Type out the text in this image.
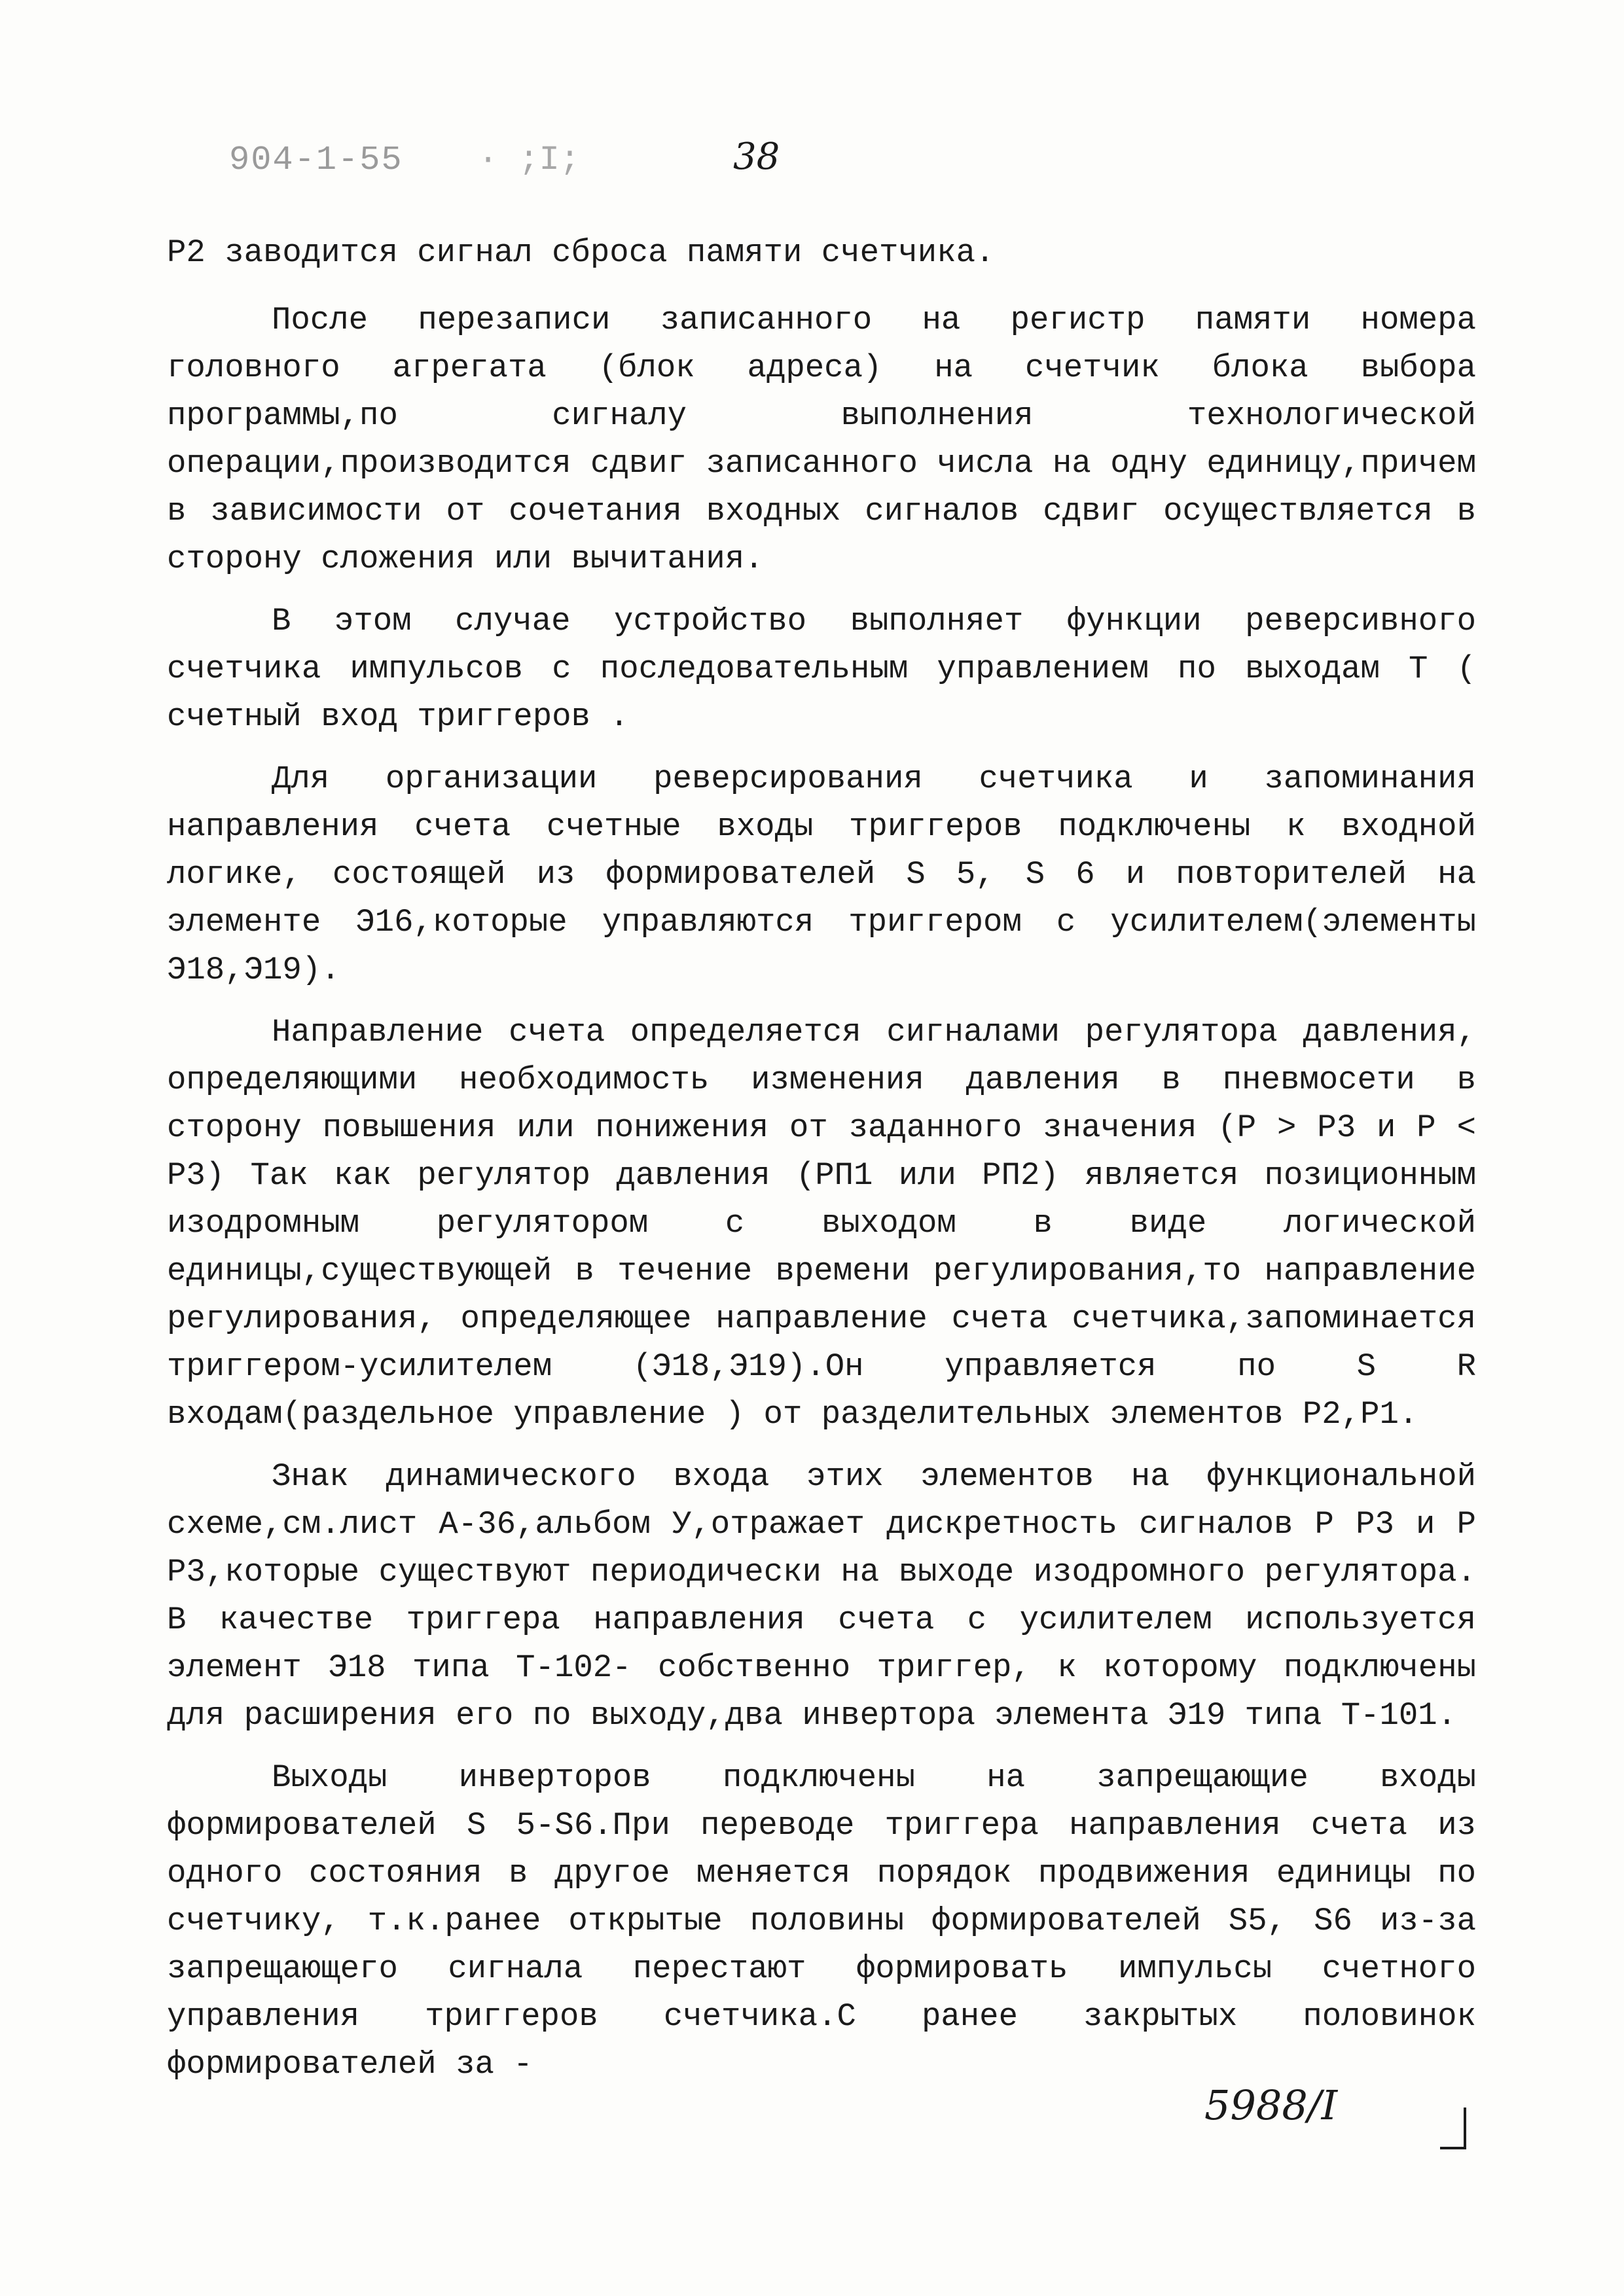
904-1-55 · ;I;	38

Р2 заводится сигнал сброса памяти счетчика.

После перезаписи записанного на регистр памяти номера головного агрегата (блок адреса) на счетчик блока выбора программы,по сигналу выполнения технологической операции,производится сдвиг записанного числа на одну единицу,причем в зависимости от сочетания входных сигналов сдвиг осуществляется в сторону сложения или вычитания.

В этом случае устройство выполняет функции реверсивного счетчика импульсов с последовательным управлением по выходам Т ( счетный вход триггеров .

Для организации реверсирования счетчика и запоминания направления счета счетные входы триггеров подключены к входной логике, состоящей из формирователей S 5, S 6 и повторителей на элементе Э16,которые управляются триггером с усилителем(элементы Э18,Э19).

Направление счета определяется сигналами регулятора давления, определяющими необходимость изменения давления в пневмосети в сторону повышения или понижения от заданного значения (Р > Р3 и Р < Р3) Так как регулятор давления (РП1 или РП2) является позиционным изодромным регулятором с выходом в виде логической единицы,существующей в течение времени регулирования,то направление регулирования, определяющее направление счета счетчика,запоминается триггером-усилителем (Э18,Э19).Он управляется по S R входам(раздельное управление ) от разделительных элементов Р2,Р1.

Знак динамического входа этих элементов на функциональной схеме,см.лист А-36,альбом У,отражает дискретность сигналов Р Р3 и Р Р3,которые существуют периодически на выходе изодромного регулятора. В качестве триггера направления счета с усилителем используется элемент Э18 типа Т-102- собственно триггер, к которому подключены для расширения его по выходу,два инвертора элемента Э19 типа Т-101.

Выходы инверторов подключены на запрещающие входы формирователей S 5-S6.При переводе триггера направления счета из одного состояния в другое меняется порядок продвижения единицы по счетчику, т.к.ранее открытые половины формирователей S5, S6 из-за запрещающего сигнала перестают формировать импульсы счетного управления триггеров счетчика.С ранее закрытых половинок формирователей за -

5988/I
